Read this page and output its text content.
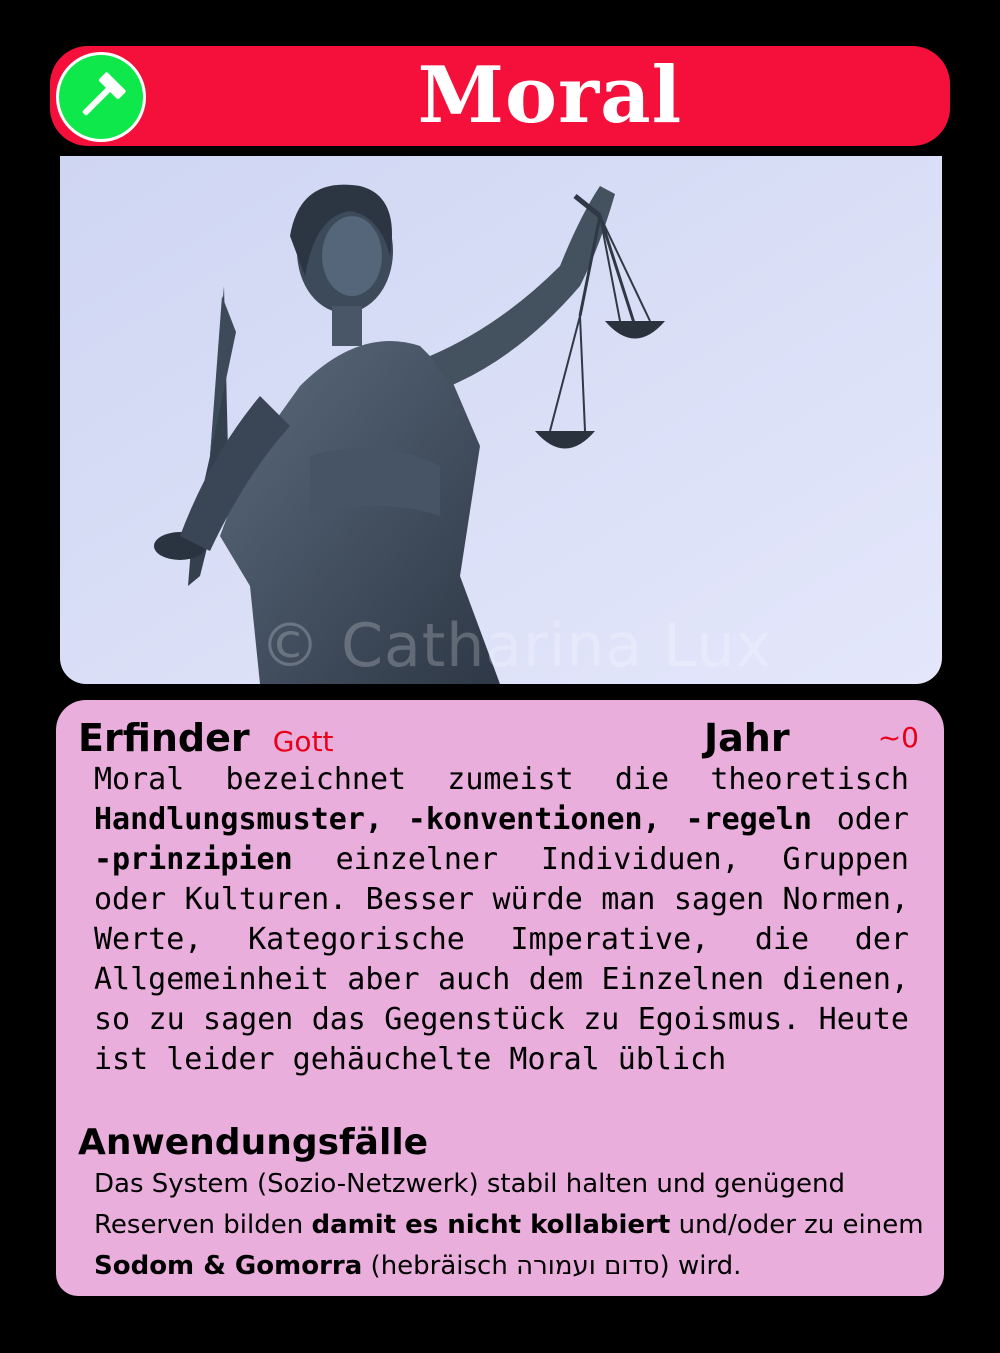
Moral
© Catharina Lux
Erfinder Gott	Jahr	~0

Moral bezeichnet zumeist die theoretisch Handlungsmuster, -konventionen, -regeln oder -prinzipien einzelner Individuen, Gruppen oder Kulturen. Besser würde man sagen Normen, Werte, Kategorische Imperative, die der Allgemeinheit aber auch dem Einzelnen dienen, so zu sagen das Gegenstück zu Egoismus. Heute ist leider gehäuchelte Moral üblich

Anwendungsfälle

Das System (Sozio-Netzwerk) stabil halten und genügend Reserven bilden damit es nicht kollabiert und/oder zu einem Sodom & Gomorra (hebräisch סדום ועמורה) wird.
